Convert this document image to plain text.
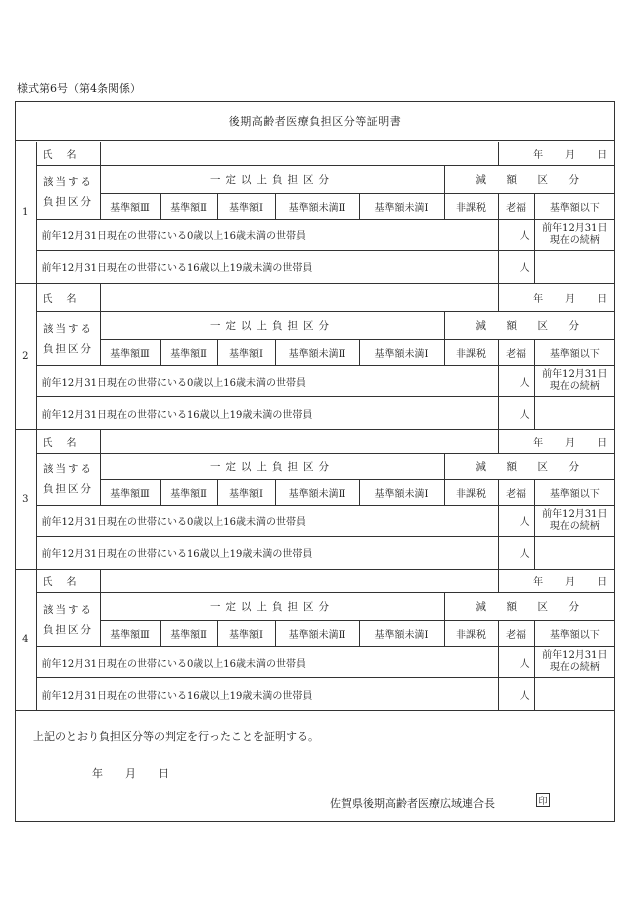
様式第6号（第4条関係）
後期高齢者医療負担区分等証明書
1	氏　名							年 月 日	

	該当する
負担区分	一定以上負担区分					減　額　区　分		
		基準額Ⅲ	基準額Ⅱ	基準額Ⅰ	基準額未満Ⅱ	基準額未満Ⅰ	非課税	老福	基準額以下
	前年12月31日現在の世帯にいる0歳以上16歳未満の世帯員							人	前年12月31日
現在の続柄

	前年12月31日現在の世帯にいる16歳以上19歳未満の世帯員							人	
2	氏　名							年 月 日	

	該当する
負担区分	一定以上負担区分					減　額　区　分		
		基準額Ⅲ	基準額Ⅱ	基準額Ⅰ	基準額未満Ⅱ	基準額未満Ⅰ	非課税	老福	基準額以下
	前年12月31日現在の世帯にいる0歳以上16歳未満の世帯員							人	前年12月31日
現在の続柄

	前年12月31日現在の世帯にいる16歳以上19歳未満の世帯員							人	
3	氏　名							年 月 日	

	該当する
負担区分	一定以上負担区分					減　額　区　分		
		基準額Ⅲ	基準額Ⅱ	基準額Ⅰ	基準額未満Ⅱ	基準額未満Ⅰ	非課税	老福	基準額以下
	前年12月31日現在の世帯にいる0歳以上16歳未満の世帯員							人	前年12月31日
現在の続柄

	前年12月31日現在の世帯にいる16歳以上19歳未満の世帯員							人	
4	氏　名							年 月 日	

	該当する
負担区分	一定以上負担区分					減　額　区　分		
		基準額Ⅲ	基準額Ⅱ	基準額Ⅰ	基準額未満Ⅱ	基準額未満Ⅰ	非課税	老福	基準額以下
	前年12月31日現在の世帯にいる0歳以上16歳未満の世帯員							人	前年12月31日
現在の続柄

	前年12月31日現在の世帯にいる16歳以上19歳未満の世帯員							人	
上記のとおり負担区分等の判定を行ったことを証明する。
年 月 日
佐賀県後期高齢者医療広域連合長	印
